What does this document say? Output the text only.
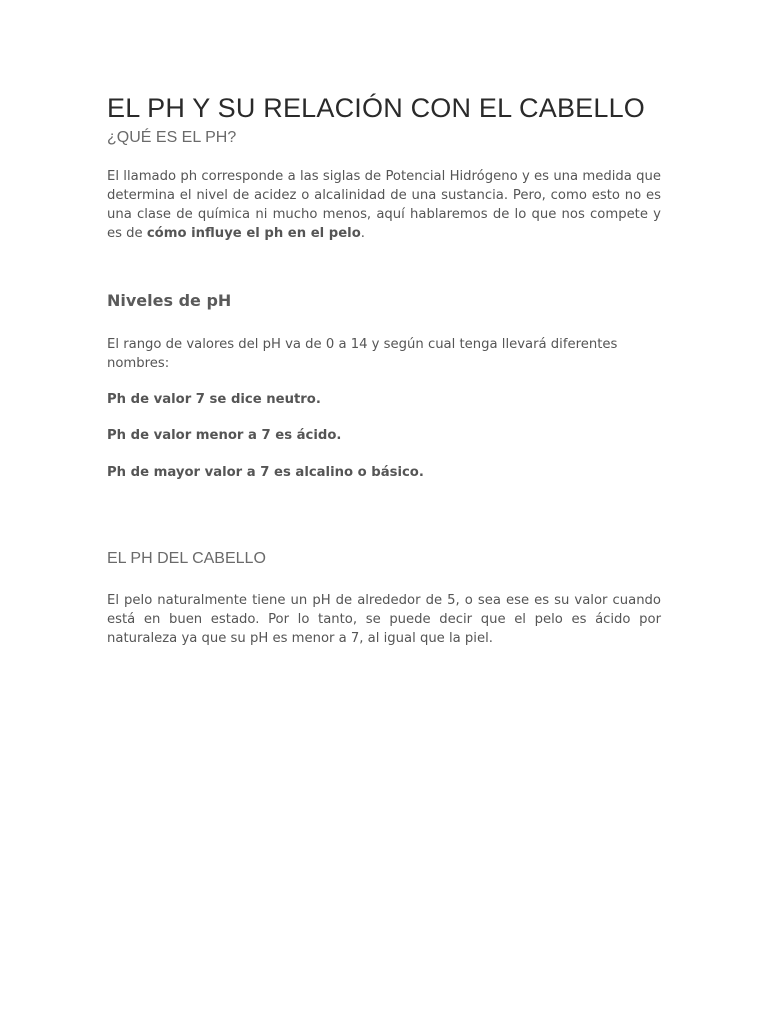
EL PH Y SU RELACIÓN CON EL CABELLO

¿QUÉ ES EL PH?

El llamado ph corresponde a las siglas de Potencial Hidrógeno y es una medida que determina el nivel de acidez o alcalinidad de una sustancia. Pero, como esto no es una clase de química ni mucho menos, aquí hablaremos de lo que nos compete y es de cómo influye el ph en el pelo.

Niveles de pH

El rango de valores del pH va de 0 a 14 y según cual tenga llevará diferentes nombres:

Ph de valor 7 se dice neutro.

Ph de valor menor a 7 es ácido.

Ph de mayor valor a 7 es alcalino o básico.

EL PH DEL CABELLO

El pelo naturalmente tiene un pH de alrededor de 5, o sea ese es su valor cuando está en buen estado. Por lo tanto, se puede decir que el pelo es ácido por naturaleza ya que su pH es menor a 7, al igual que la piel.
